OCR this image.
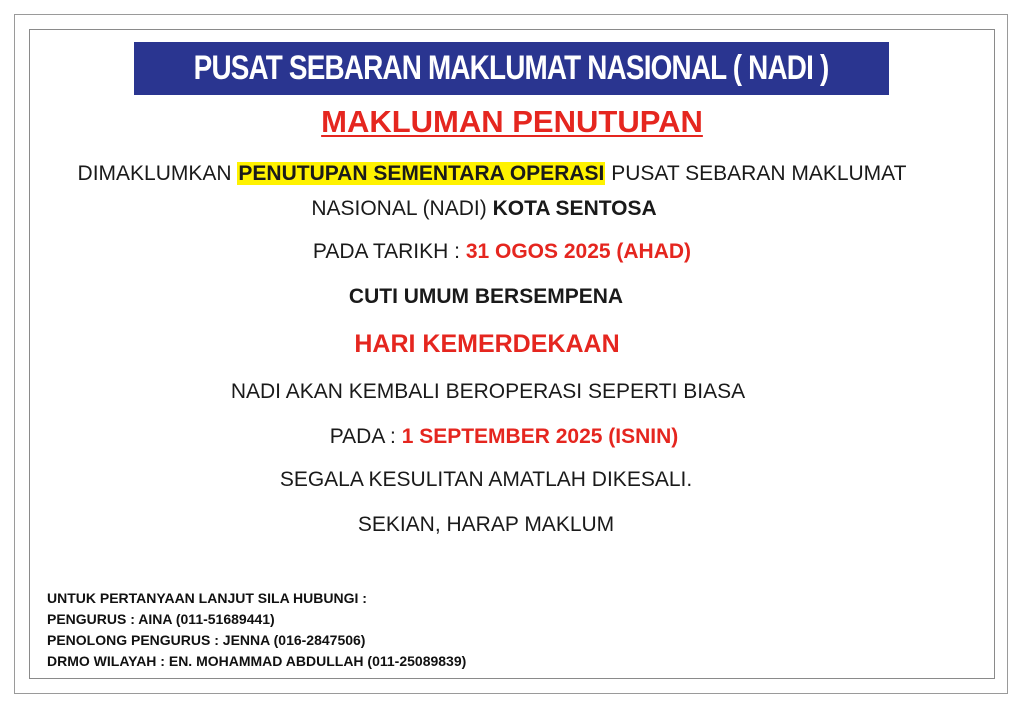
PUSAT SEBARAN MAKLUMAT NASIONAL ( NADI )
MAKLUMAN PENUTUPAN
DIMAKLUMKAN PENUTUPAN SEMENTARA OPERASI PUSAT SEBARAN MAKLUMAT
NASIONAL (NADI) KOTA SENTOSA
PADA TARIKH : 31 OGOS 2025 (AHAD)
CUTI UMUM BERSEMPENA
HARI KEMERDEKAAN
NADI AKAN KEMBALI BEROPERASI SEPERTI BIASA
PADA : 1 SEPTEMBER 2025 (ISNIN)
SEGALA KESULITAN AMATLAH DIKESALI.
SEKIAN, HARAP MAKLUM
UNTUK PERTANYAAN LANJUT SILA HUBUNGI :
PENGURUS : AINA (011-51689441)
PENOLONG PENGURUS : JENNA (016-2847506)
DRMO WILAYAH : EN. MOHAMMAD ABDULLAH (011-25089839)
